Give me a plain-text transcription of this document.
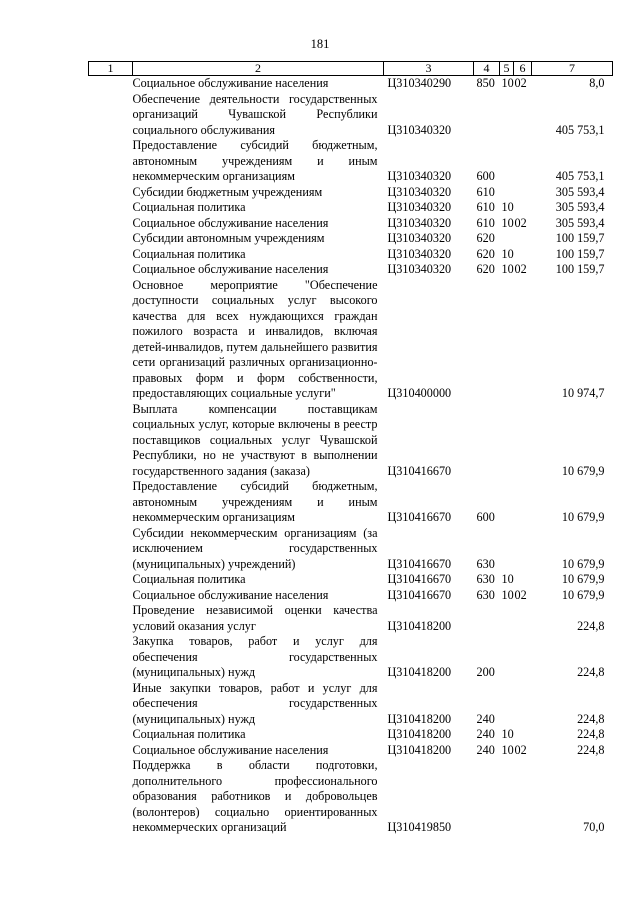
181
1	2	3	4	5	6	7
Социальное обслуживание населения		Ц310340290	850	10	02	8,0
Обеспечение деятельности государственных организаций Чувашской Республики социального обслуживания		Ц310340320				405 753,1
Предоставление субсидий бюджетным, автономным учреждениям и иным некоммерческим организациям		Ц310340320	600			405 753,1
Субсидии бюджетным учреждениям		Ц310340320	610			305 593,4
Социальная политика		Ц310340320	610	10		305 593,4
Социальное обслуживание населения		Ц310340320	610	10	02	305 593,4
Субсидии автономным учреждениям		Ц310340320	620			100 159,7
Социальная политика		Ц310340320	620	10		100 159,7
Социальное обслуживание населения		Ц310340320	620	10	02	100 159,7
Основное мероприятие "Обеспечение доступности социальных услуг высокого качества для всех нуждающихся граждан пожилого возраста и инвалидов, включая детей-инвалидов, путем дальнейшего развития сети организаций различных организационно-правовых форм и форм собственности, предоставляющих социальные услуги"		Ц310400000				10 974,7
Выплата компенсации поставщикам социальных услуг, которые включены в реестр поставщиков социальных услуг Чувашской Республики, но не участвуют в выполнении государственного задания (заказа)		Ц310416670				10 679,9
Предоставление субсидий бюджетным, автономным учреждениям и иным некоммерческим организациям		Ц310416670	600			10 679,9
Субсидии некоммерческим организациям (за исключением государственных (муниципальных) учреждений)		Ц310416670	630			10 679,9
Социальная политика		Ц310416670	630	10		10 679,9
Социальное обслуживание населения		Ц310416670	630	10	02	10 679,9
Проведение независимой оценки качества условий оказания услуг		Ц310418200				224,8
Закупка товаров, работ и услуг для обеспечения государственных (муниципальных) нужд		Ц310418200	200			224,8
Иные закупки товаров, работ и услуг для обеспечения государственных (муниципальных) нужд		Ц310418200	240			224,8
Социальная политика		Ц310418200	240	10		224,8
Социальное обслуживание населения		Ц310418200	240	10	02	224,8
Поддержка в области подготовки, дополнительного профессионального образования работников и добровольцев (волонтеров) социально ориентированных некоммерческих организаций		Ц310419850				70,0
